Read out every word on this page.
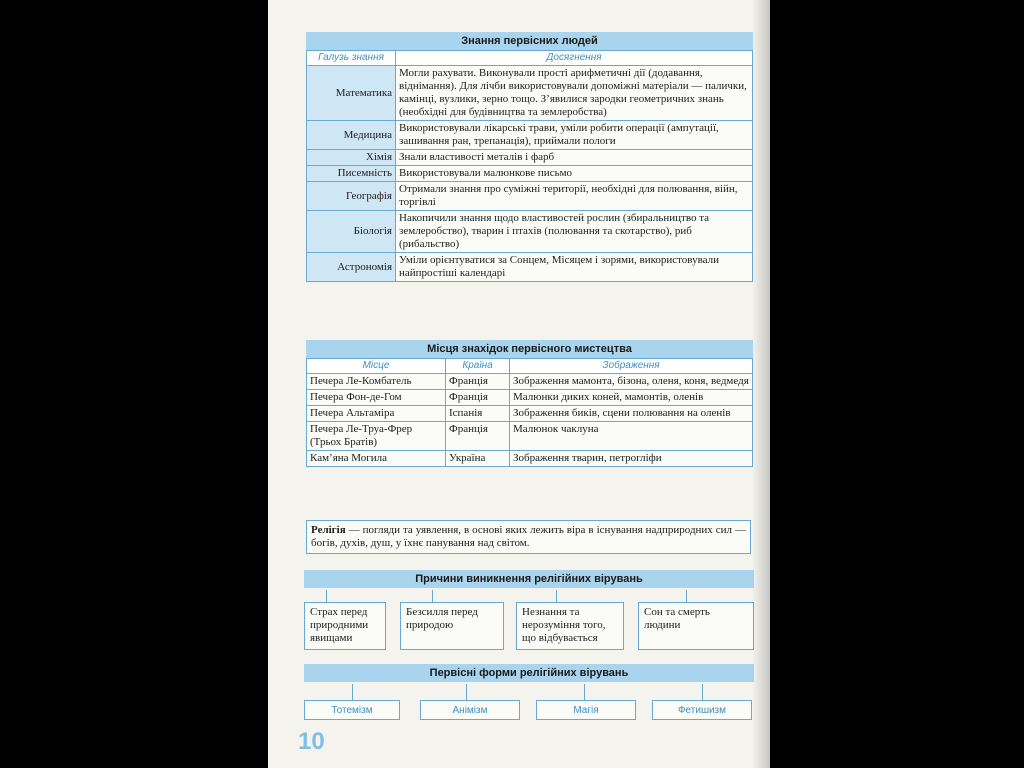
Знання первісних людей
Галузь знання	Досягнення
Математика	Могли рахувати. Виконували прості арифметичні дії (додавання, віднімання). Для лічби використовували допоміжні матеріали — палички, камінці, вузлики, зерно тощо. З’явилися зародки геометричних знань (необхідні для будівництва та землеробства)
Медицина	Використовували лікарські трави, уміли робити операції (ампутації, зашивання ран, трепанація), приймали пологи
Хімія	Знали властивості металів і фарб
Писемність	Використовували малюнкове письмо
Географія	Отримали знання про суміжні території, необхідні для полювання, війн, торгівлі
Біологія	Накопичили знання щодо властивостей рослин (збиральництво та землеробство), тварин і птахів (полювання та скотарство), риб (рибальство)
Астрономія	Уміли орієнтуватися за Сонцем, Місяцем і зорями, використовували найпростіші календарі
Місця знахідок первісного мистецтва
Місце	Країна	Зображення
Печера Ле-Комбатель	Франція	Зображення мамонта, бізона, оленя, коня, ведмедя
Печера Фон-де-Гом	Франція	Малюнки диких коней, мамонтів, оленів
Печера Альтаміра	Іспанія	Зображення биків, сцени полювання на оленів
Печера Ле-Труа-Фрер (Трьох Братів)	Франція	Малюнок чаклуна
Кам’яна Могила	Україна	Зображення тварин, петрогліфи
Релігія — погляди та уявлення, в основі яких лежить віра в існування надприродних сил — богів, духів, душ, у їхнє панування над світом.
Причини виникнення релігійних вірувань
Страх перед природними явищами
Безсилля перед природою
Незнання та нерозуміння того, що відбувається
Сон та смерть людини
Первісні форми релігійних вірувань
Тотемізм	Анімізм	Магія	Фетишизм
10
